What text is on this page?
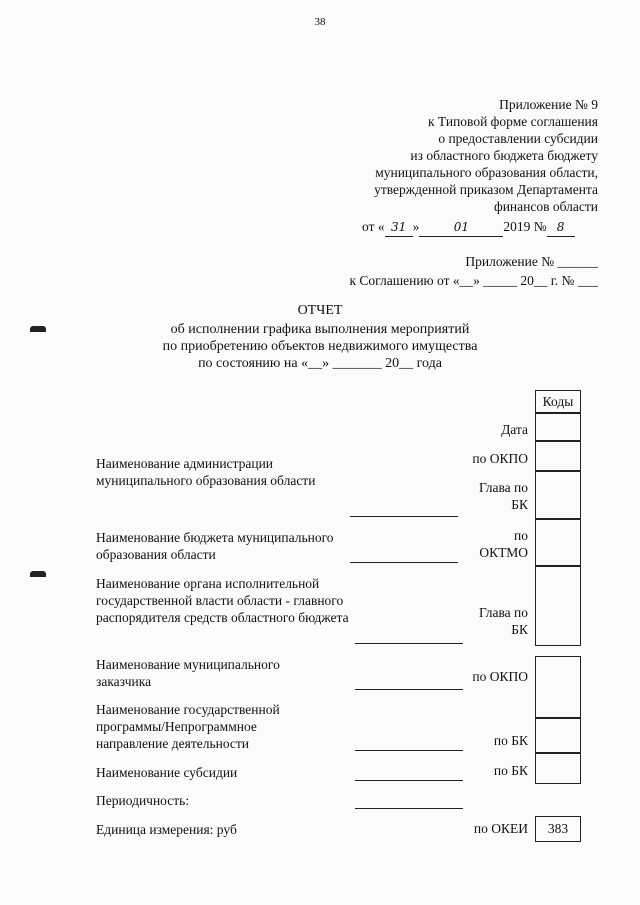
38
Приложение № 9
к Типовой форме соглашения
о предоставлении субсидии
из областного бюджета бюджету
муниципального образования области,
утвержденной приказом Департамента
финансов области
от « 31 »	01	2019 № 8
Приложение № ______
к Соглашению от «__» _____ 20__ г. № ___
ОТЧЕТ
об исполнении графика выполнения мероприятий
по приобретению объектов недвижимого имущества
по состоянию на «__» _______ 20__ года
Коды
383
Дата
по ОКПО
Глава по БК
по ОКТМО
Глава по БК
по ОКПО
по БК
по БК
по ОКЕИ
Наименование администрации муниципального образования области
Наименование бюджета муниципального образования области
Наименование органа исполнительной государственной власти области - главного распорядителя средств областного бюджета
Наименование муниципального заказчика
Наименование государственной программы/Непрограммное направление деятельности
Наименование субсидии
Периодичность:
Единица измерения: руб
